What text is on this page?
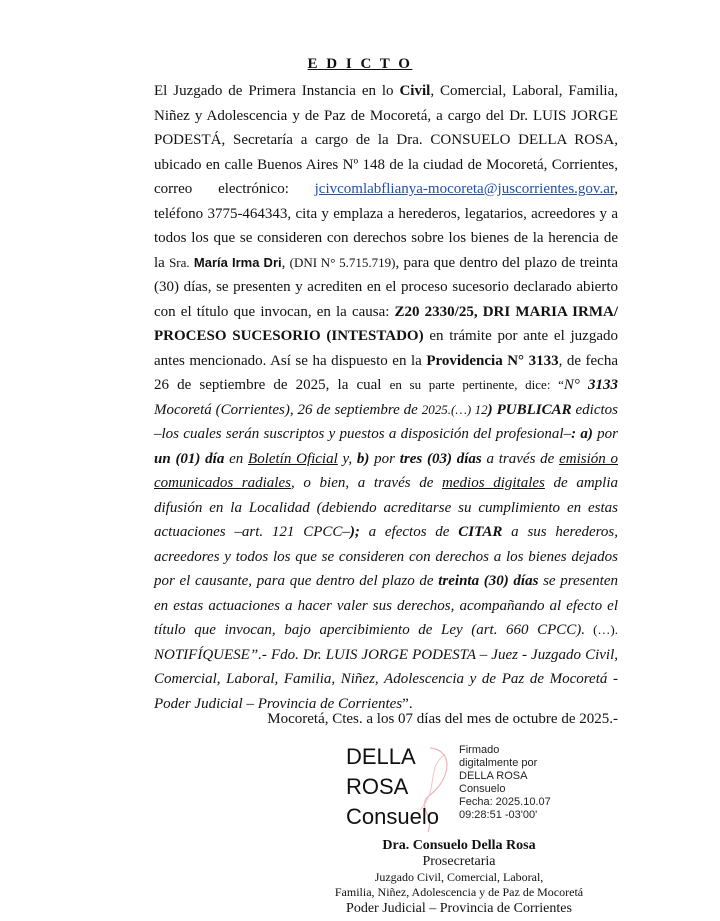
E D I C T O

El Juzgado de Primera Instancia en lo Civil, Comercial, Laboral, Familia, Niñez y Adolescencia y de Paz de Mocoretá, a cargo del Dr. LUIS JORGE PODESTÁ, Secretaría a cargo de la Dra. CONSUELO DELLA ROSA, ubicado en calle Buenos Aires Nº 148 de la ciudad de Mocoretá, Corrientes, correo electrónico: jcivcomlabflianya-mocoreta@juscorrientes.gov.ar, teléfono 3775-464343, cita y emplaza a herederos, legatarios, acreedores y a todos los que se consideren con derechos sobre los bienes de la herencia de la Sra. María Irma Dri, (DNI N° 5.715.719), para que dentro del plazo de treinta (30) días, se presenten y acrediten en el proceso sucesorio declarado abierto con el título que invocan, en la causa: Z20 2330/25, DRI MARIA IRMA/ PROCESO SUCESORIO (INTESTADO) en trámite por ante el juzgado antes mencionado. Así se ha dispuesto en la Providencia N° 3133, de fecha 26 de septiembre de 2025, la cual en su parte pertinente, dice: “N° 3133 Mocoretá (Corrientes), 26 de septiembre de 2025.(…) 12) PUBLICAR edictos –los cuales serán suscriptos y puestos a disposición del profesional–: a) por un (01) día en Boletín Oficial y, b) por tres (03) días a través de emisión o comunicados radiales, o bien, a través de medios digitales de amplia difusión en la Localidad (debiendo acreditarse su cumplimiento en estas actuaciones –art. 121 CPCC–); a efectos de CITAR a sus herederos, acreedores y todos los que se consideren con derechos a los bienes dejados por el causante, para que dentro del plazo de treinta (30) días se presenten en estas actuaciones a hacer valer sus derechos, acompañando al efecto el título que invocan, bajo apercibimiento de Ley (art. 660 CPCC). (…). NOTIFÍQUESE”.- Fdo. Dr. LUIS JORGE PODESTA – Juez - Juzgado Civil, Comercial, Laboral, Familia, Niñez, Adolescencia y de Paz de Mocoretá - Poder Judicial – Provincia de Corrientes”.

Mocoretá, Ctes. a los 07 días del mes de octubre de 2025.-
DELLA
ROSA
Consuelo
Firmado
digitalmente por
DELLA ROSA
Consuelo
Fecha: 2025.10.07
09:28:51 -03'00'
Dra. Consuelo Della Rosa
Prosecretaria
Juzgado Civil, Comercial, Laboral,
Familia, Niñez, Adolescencia y de Paz de Mocoretá
Poder Judicial – Provincia de Corrientes
